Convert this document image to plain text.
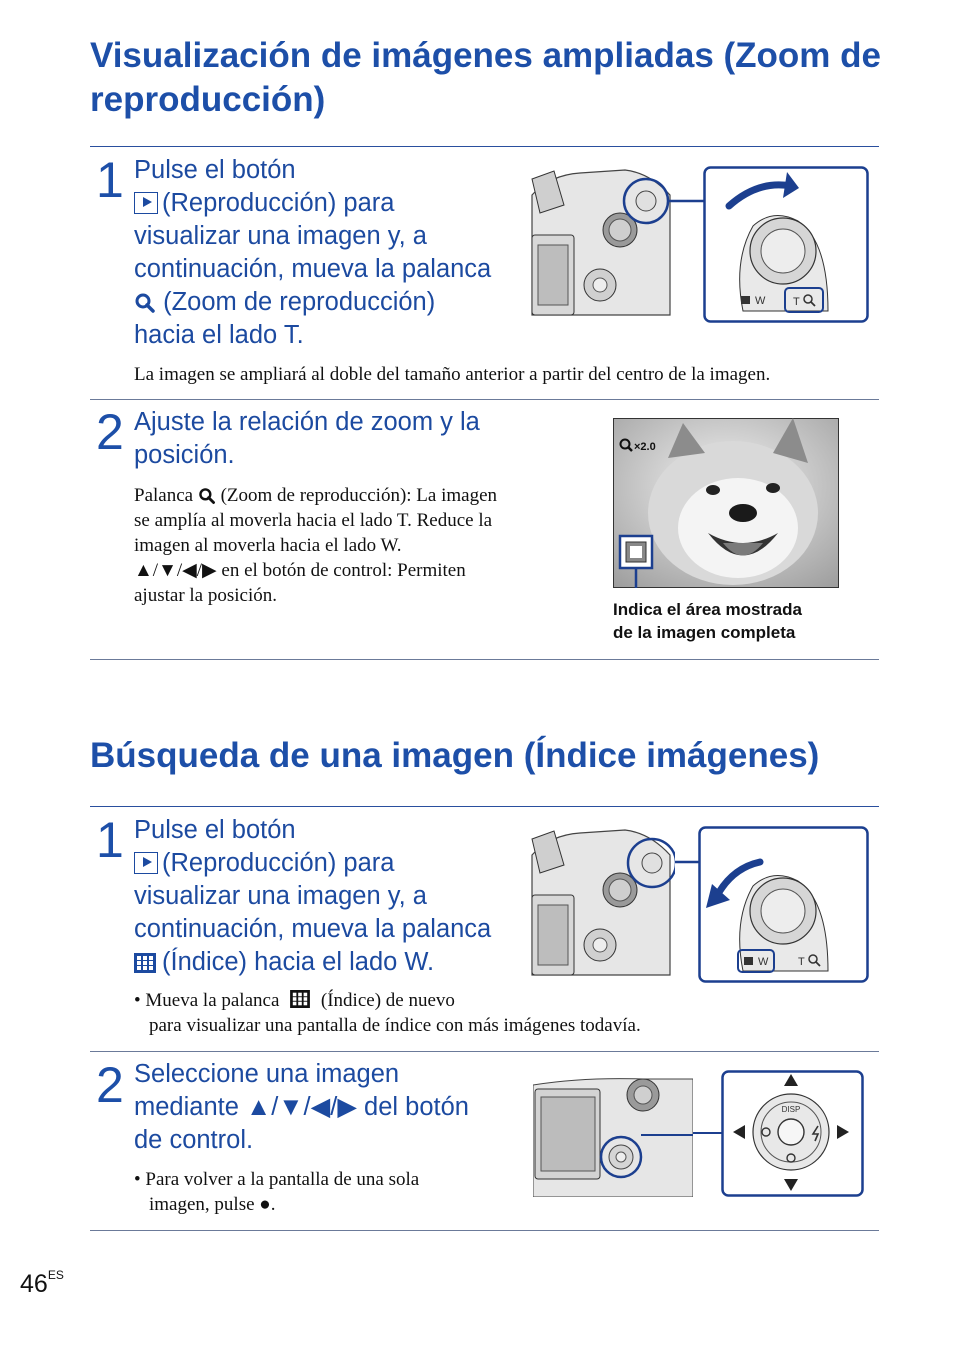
Visualización de imágenes ampliadas (Zoom de reproducción)
1 Pulse el botón
(Reproducción) para
visualizar una imagen y, a
continuación, mueva la palanca
(Zoom de reproducción)
hacia el lado T.
W	T
La imagen se ampliará al doble del tamaño anterior a partir del centro de la imagen.
2 Ajuste la relación de zoom y la
posición.
Palanca (Zoom de reproducción): La imagen
se amplía al moverla hacia el lado T. Reduce la
imagen al moverla hacia el lado W.
▲/▼/◀/▶ en el botón de control: Permiten
ajustar la posición.
×2.0
Indica el área mostrada
de la imagen completa
Búsqueda de una imagen (Índice imágenes)
1 Pulse el botón
(Reproducción) para
visualizar una imagen y, a
continuación, mueva la palanca
(Índice) hacia el lado W.	W	T
• Mueva la palanca (Índice) de nuevo
para visualizar una pantalla de índice con más imágenes todavía.
2 Seleccione una imagen
mediante ▲/▼/◀/▶ del botón
de control.
• Para volver a la pantalla de una sola
imagen, pulse ●.
DISP
$46^{ES}$
